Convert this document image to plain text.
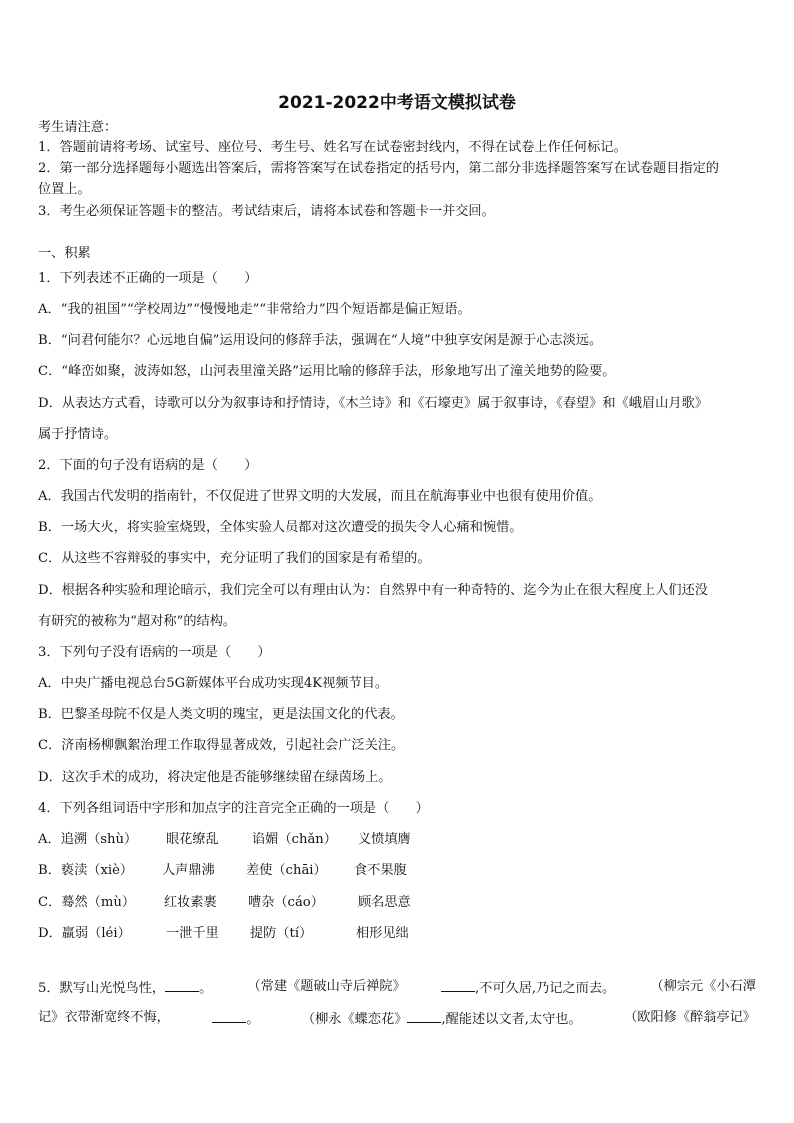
2021-2022中考语文模拟试卷
考生请注意：
1．答题前请将考场、试室号、座位号、考生号、姓名写在试卷密封线内，不得在试卷上作任何标记。
2．第一部分选择题每小题选出答案后，需将答案写在试卷指定的括号内，第二部分非选择题答案写在试卷题目指定的
位置上。
3．考生必须保证答题卡的整洁。考试结束后，请将本试卷和答题卡一并交回。
一、积累
1．下列表述不正确的一项是（　　）
A．“我的祖国”“学校周边”“慢慢地走”“非常给力”四个短语都是偏正短语。
B．“问君何能尔？心远地自偏”运用设问的修辞手法，强调在“人境”中独享安闲是源于心志淡远。
C．“峰峦如聚，波涛如怒，山河表里潼关路”运用比喻的修辞手法，形象地写出了潼关地势的险要。
D．从表达方式看，诗歌可以分为叙事诗和抒情诗，《木兰诗》和《石壕吏》属于叙事诗，《春望》和《峨眉山月歌》
属于抒情诗。
2．下面的句子没有语病的是（　　）
A．我国古代发明的指南针，不仅促进了世界文明的大发展，而且在航海事业中也很有使用价值。
B．一场大火，将实验室烧毁，全体实验人员都对这次遭受的损失令人心痛和惋惜。
C．从这些不容辩驳的事实中，充分证明了我们的国家是有希望的。
D．根据各种实验和理论暗示，我们完全可以有理由认为：自然界中有一种奇特的、迄今为止在很大程度上人们还没
有研究的被称为“超对称”的结构。
3．下列句子没有语病的一项是（　　）
A．中央广播电视总台5G新媒体平台成功实现4K视频节目。
B．巴黎圣母院不仅是人类文明的瑰宝，更是法国文化的代表。
C．济南杨柳飘絮治理工作取得显著成效，引起社会广泛关注。
D．这次手术的成功，将决定他是否能够继续留在绿茵场上。
4．下列各组词语中字形和加点字的注音完全正确的一项是（　　）
A．追溯（shù） 眼花缭乱	谄媚（chǎn） 义愤填膺
B．亵渎（xiè） 人声鼎沸 差使（chāi） 食不果腹
C．蓦然（mù） 红妆素裹 嘈杂（cáo）	顾名思意
D．羸弱（léi）	一泄千里 提防（tí）	相形见绌
5．默写山光悦鸟性，	。	（常建《题破山寺后禅院》	,不可久居,乃记之而去。	（柳宗元《小石潭
记》衣带渐宽终不悔，	。	（柳永《蝶恋花》	,醒能述以文者,太守也。	（欧阳修《醉翁亭记》
